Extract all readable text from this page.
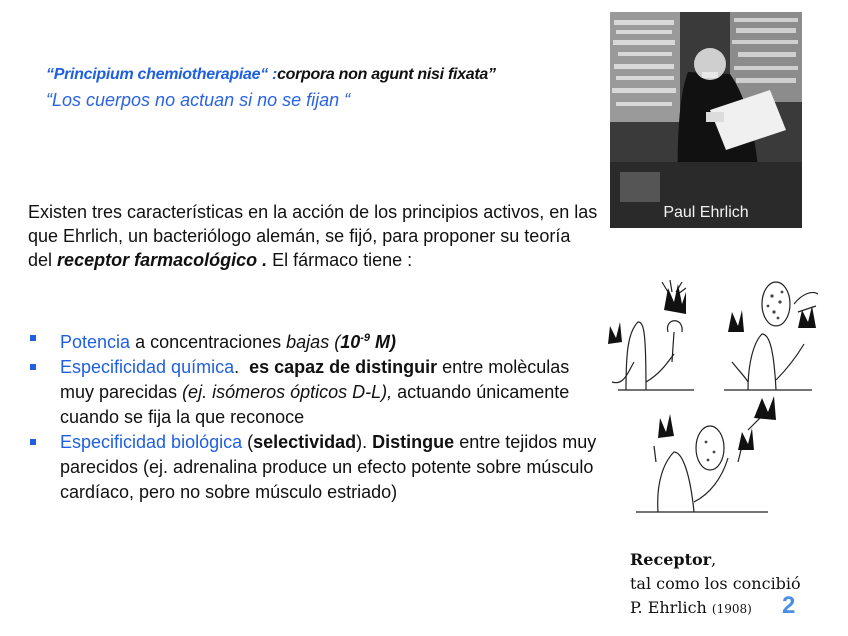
“Principium chemiotherapiae“ :corpora non agunt nisi fixata”
“Los cuerpos no actuan si no se fijan “
Existen tres características en la acción de los principios activos, en las que Ehrlich, un bacteriólogo alemán, se fijó, para proponer su teoría del receptor farmacológico . El fármaco tiene :
Potencia a concentraciones bajas ($10^{-9}$ M)
Especificidad química.  es capaz de distinguir entre molèculas muy parecidas (ej. isómeros ópticos D-L), actuando únicamente cuando se fija la que reconoce
Especificidad biológica (selectividad). Distingue entre tejidos muy parecidos (ej. adrenalina produce un efecto potente sobre músculo cardíaco, pero no sobre músculo estriado)
Paul Ehrlich
Receptor,
tal como los concibió
P. Ehrlich (1908)	2
